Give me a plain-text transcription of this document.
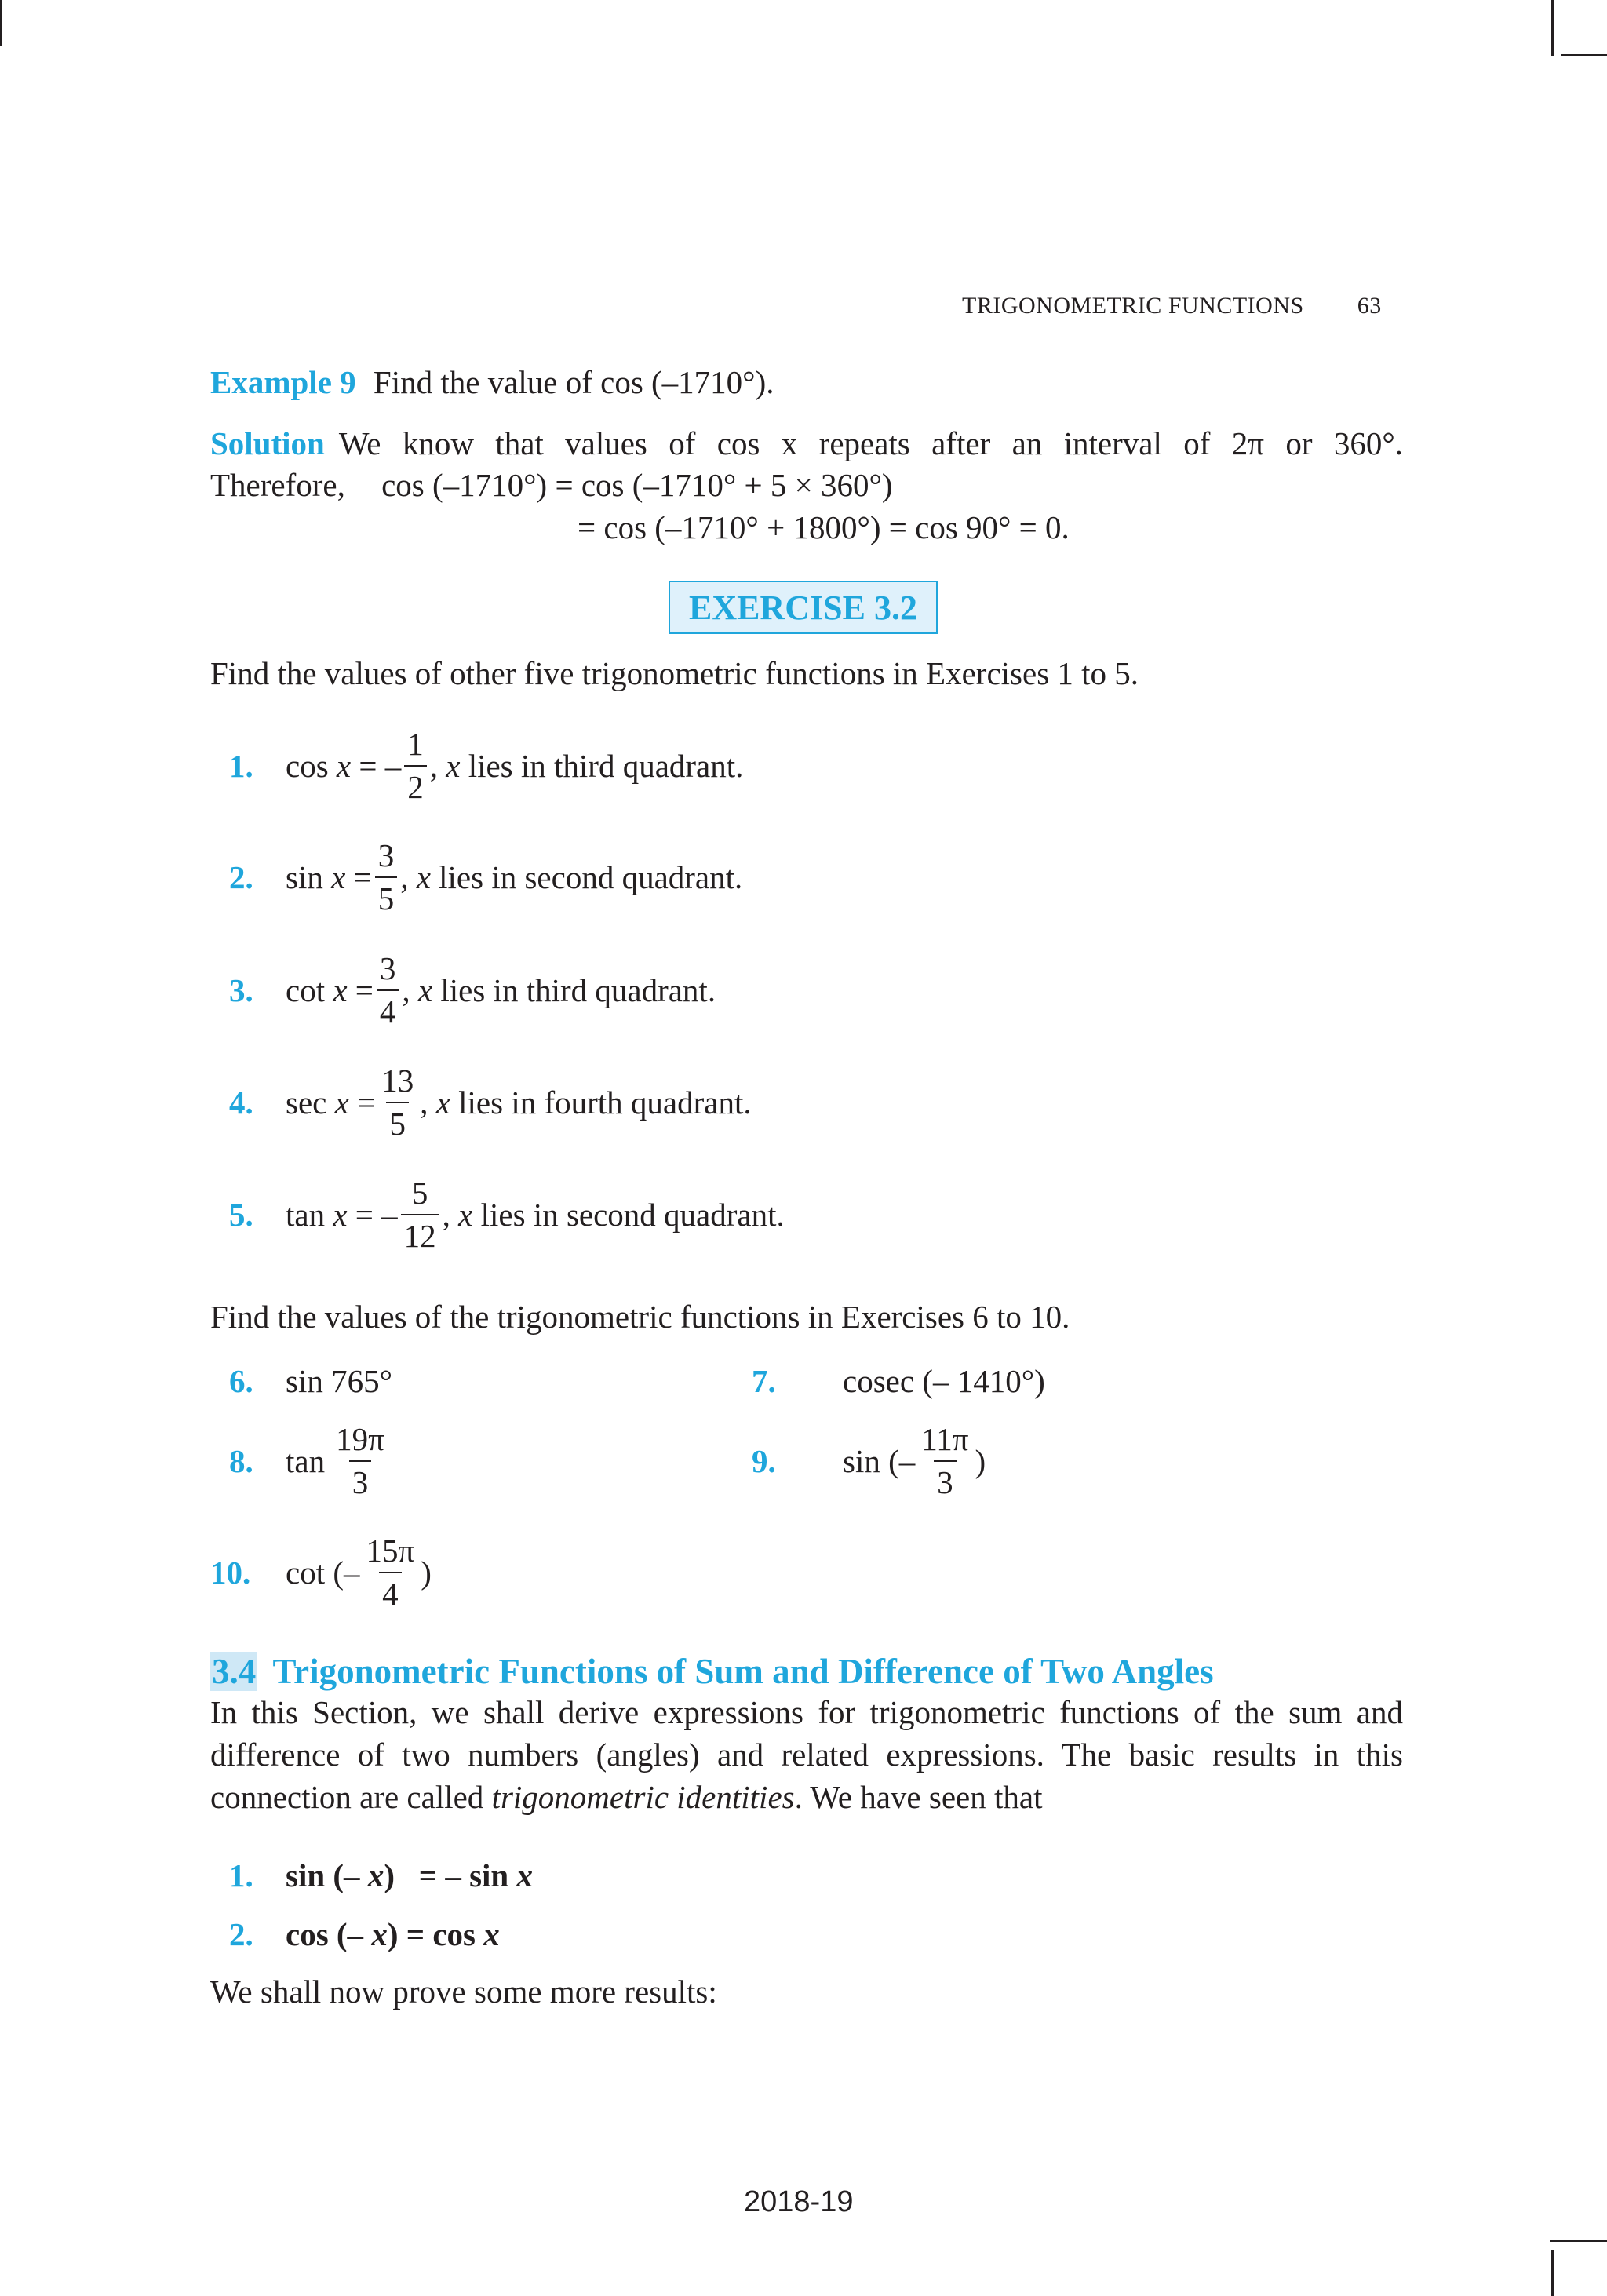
TRIGONOMETRIC FUNCTIONS 63
Example 9 Find the value of cos (–1710°).
Solution We know that values of cos x repeats after an interval of 2π or 360°.
Therefore, cos (–1710°) = cos (–1710° + 5 × 360°)
= cos (–1710° + 1800°) = cos 90° = 0.
EXERCISE 3.2
Find the values of other five trigonometric functions in Exercises 1 to 5.
1.	cos
x
= – $\frac{1}{2}$ , x
lies in third quadrant.
2.	sin
x
= $\frac{3}{5}$ , x
lies in second quadrant.
3.	cot
x
= $\frac{3}{4}$ , x
lies in third quadrant.
4.	sec
x
= $\frac{13}{5}$ , x
lies in fourth quadrant.
5.	tan
x
= – $\frac{5}{12}$ , x
lies in second quadrant.
Find the values of the trigonometric functions in Exercises 6 to 10.
6. sin 765°	7. cosec (– 1410°)
8.	$\tan \frac{19\pi}{3}$	9.	sin (– $\frac{11\pi}{3}$ )
10.	cot (– $\frac{15\pi}{4}$ )
3.4 Trigonometric Functions of Sum and Difference of Two Angles
In this Section, we shall derive expressions for trigonometric functions of the sum and difference of two numbers (angles) and related expressions. The basic results in this connection are called trigonometric identities. We have seen that
1. sin (– x) = – sin x
2. cos (– x) = cos x
We shall now prove some more results:
2018-19
